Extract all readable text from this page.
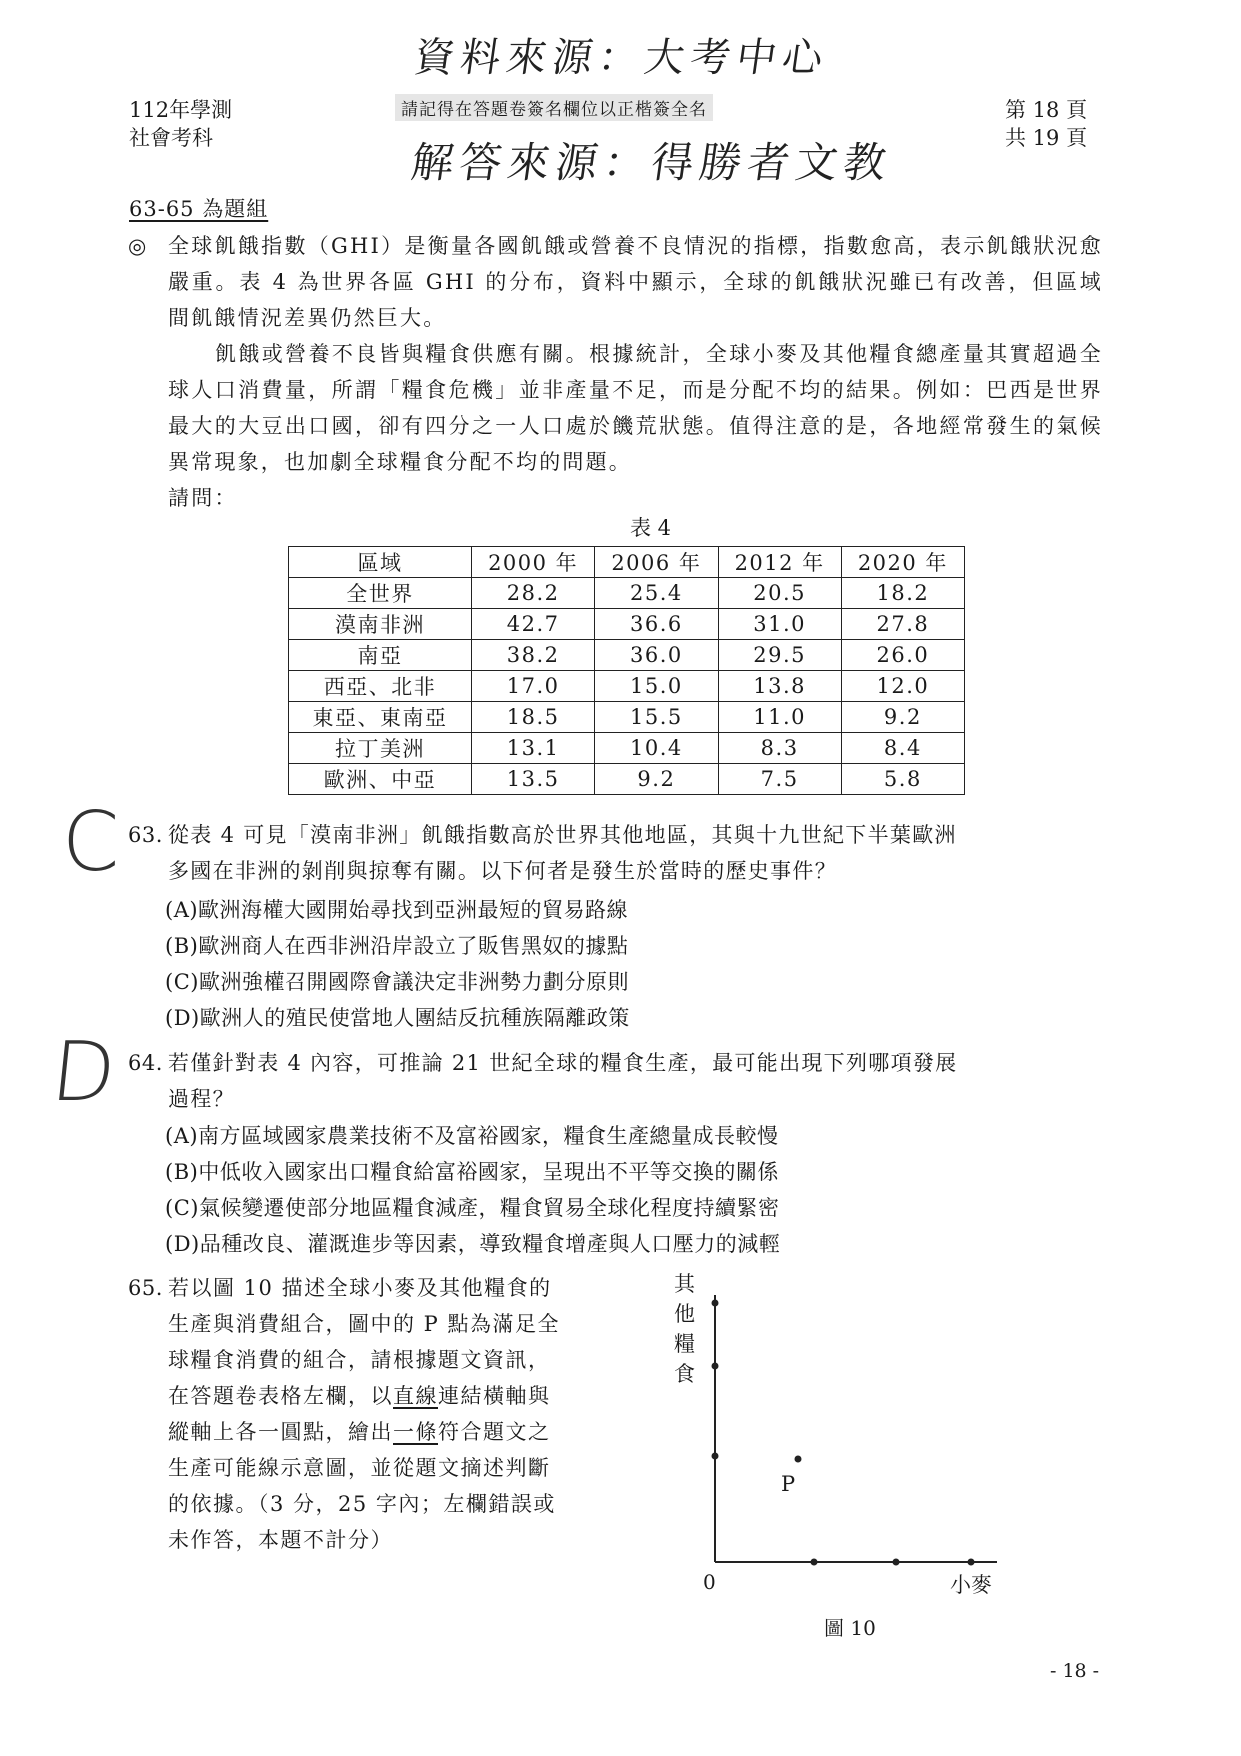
112年學測
社會考科
資料來源：大考中心
請記得在答題卷簽名欄位以正楷簽全名
解答來源：得勝者文教
第 18 頁
共 19 頁
63-65 為題組
◎ 全球飢餓指數（GHI）是衡量各國飢餓或營養不良情況的指標，指數愈高，表示飢餓狀況愈嚴重。表 4 為世界各區 GHI 的分布，資料中顯示，全球的飢餓狀況雖已有改善，但區域間飢餓情況差異仍然巨大。
飢餓或營養不良皆與糧食供應有關。根據統計，全球小麥及其他糧食總產量其實超過全球人口消費量，所謂「糧食危機」並非產量不足，而是分配不均的結果。例如：巴西是世界最大的大豆出口國，卻有四分之一人口處於饑荒狀態。值得注意的是，各地經常發生的氣候異常現象，也加劇全球糧食分配不均的問題。
請問：
表 4
區域	2000 年	2006 年	2012 年	2020 年
全世界	28.2	25.4	20.5	18.2
漠南非洲	42.7	36.6	31.0	27.8
南亞	38.2	36.0	29.5	26.0
西亞、北非	17.0	15.0	13.8	12.0
東亞、東南亞	18.5	15.5	11.0	9.2
拉丁美洲	13.1	10.4	8.3	8.4
歐洲、中亞	13.5	9.2	7.5	5.8
C 63. 從表 4 可見「漠南非洲」飢餓指數高於世界其他地區，其與十九世紀下半葉歐洲
多國在非洲的剝削與掠奪有關。以下何者是發生於當時的歷史事件？
(A)歐洲海權大國開始尋找到亞洲最短的貿易路線
(B)歐洲商人在西非洲沿岸設立了販售黑奴的據點
(C)歐洲強權召開國際會議決定非洲勢力劃分原則
(D)歐洲人的殖民使當地人團結反抗種族隔離政策
D 64. 若僅針對表 4 內容，可推論 21 世紀全球的糧食生產，最可能出現下列哪項發展
過程？
(A)南方區域國家農業技術不及富裕國家，糧食生產總量成長較慢
(B)中低收入國家出口糧食給富裕國家，呈現出不平等交換的關係
(C)氣候變遷使部分地區糧食減產，糧食貿易全球化程度持續緊密
(D)品種改良、灌溉進步等因素，導致糧食增產與人口壓力的減輕
65. 若以圖 10 描述全球小麥及其他糧食的
生產與消費組合，圖中的 P 點為滿足全
球糧食消費的組合，請根據題文資訊，
在答題卷表格左欄，以直線連結橫軸與
縱軸上各一圓點，繪出一條符合題文之
生產可能線示意圖，並從題文摘述判斷
的依據。（3 分，25 字內；左欄錯誤或
未作答，本題不計分）
其
他
糧
食
P
0	小麥
圖 10
- 18 -
